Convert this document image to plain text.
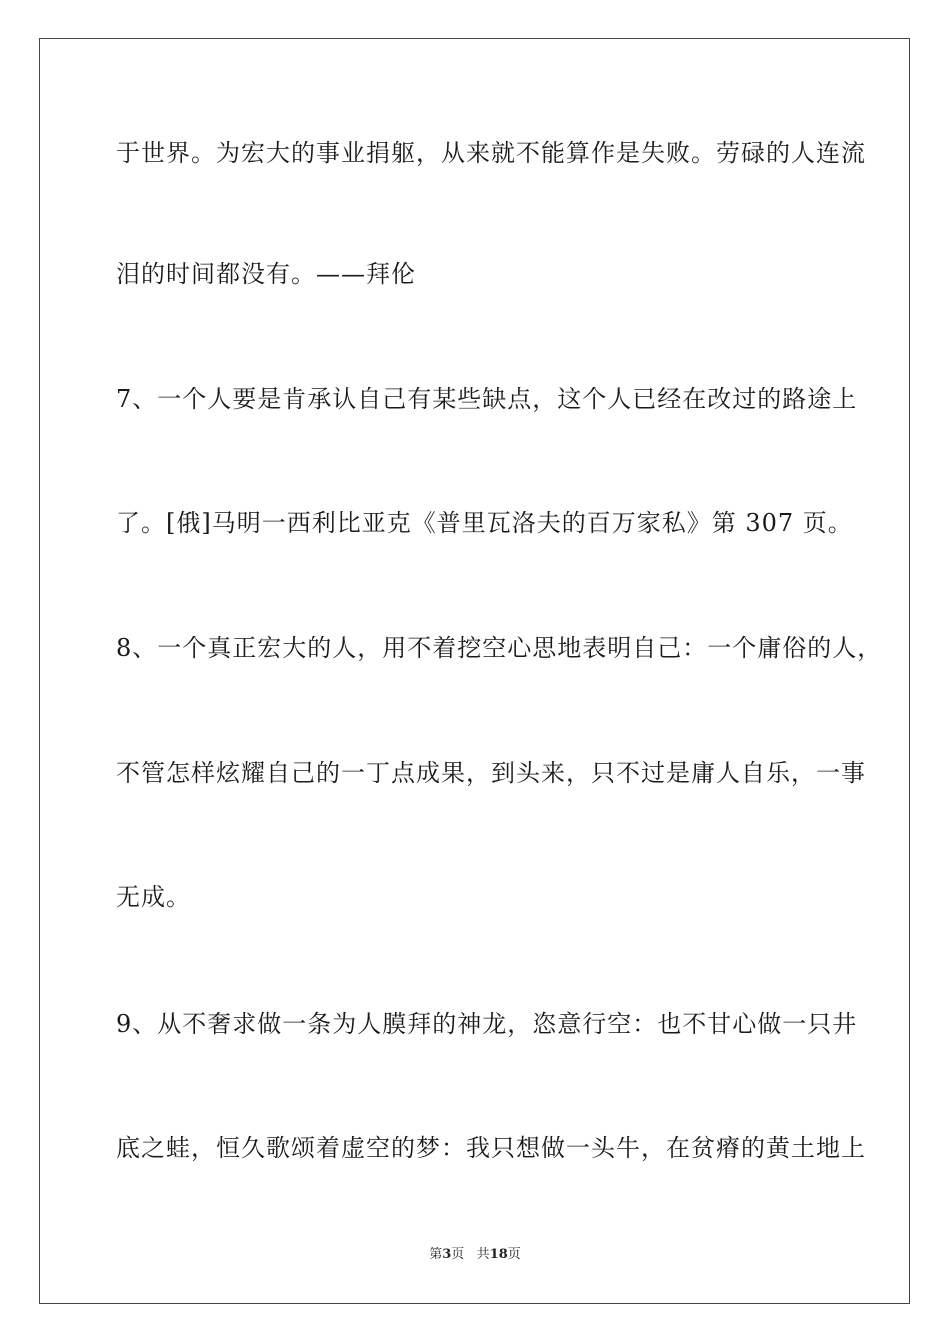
于世界。为宏大的事业捐躯，从来就不能算作是失败。劳碌的人连流

泪的时间都没有。——拜伦

7、一个人要是肯承认自己有某些缺点，这个人已经在改过的路途上

了。[俄]马明一西利比亚克《普里瓦洛夫的百万家私》第 307 页。

8、一个真正宏大的人，用不着挖空心思地表明自己：一个庸俗的人，

不管怎样炫耀自己的一丁点成果，到头来，只不过是庸人自乐，一事

无成。

9、从不奢求做一条为人膜拜的神龙，恣意行空：也不甘心做一只井

底之蛙，恒久歌颂着虚空的梦：我只想做一头牛，在贫瘠的黄土地上

第3页 共18页
